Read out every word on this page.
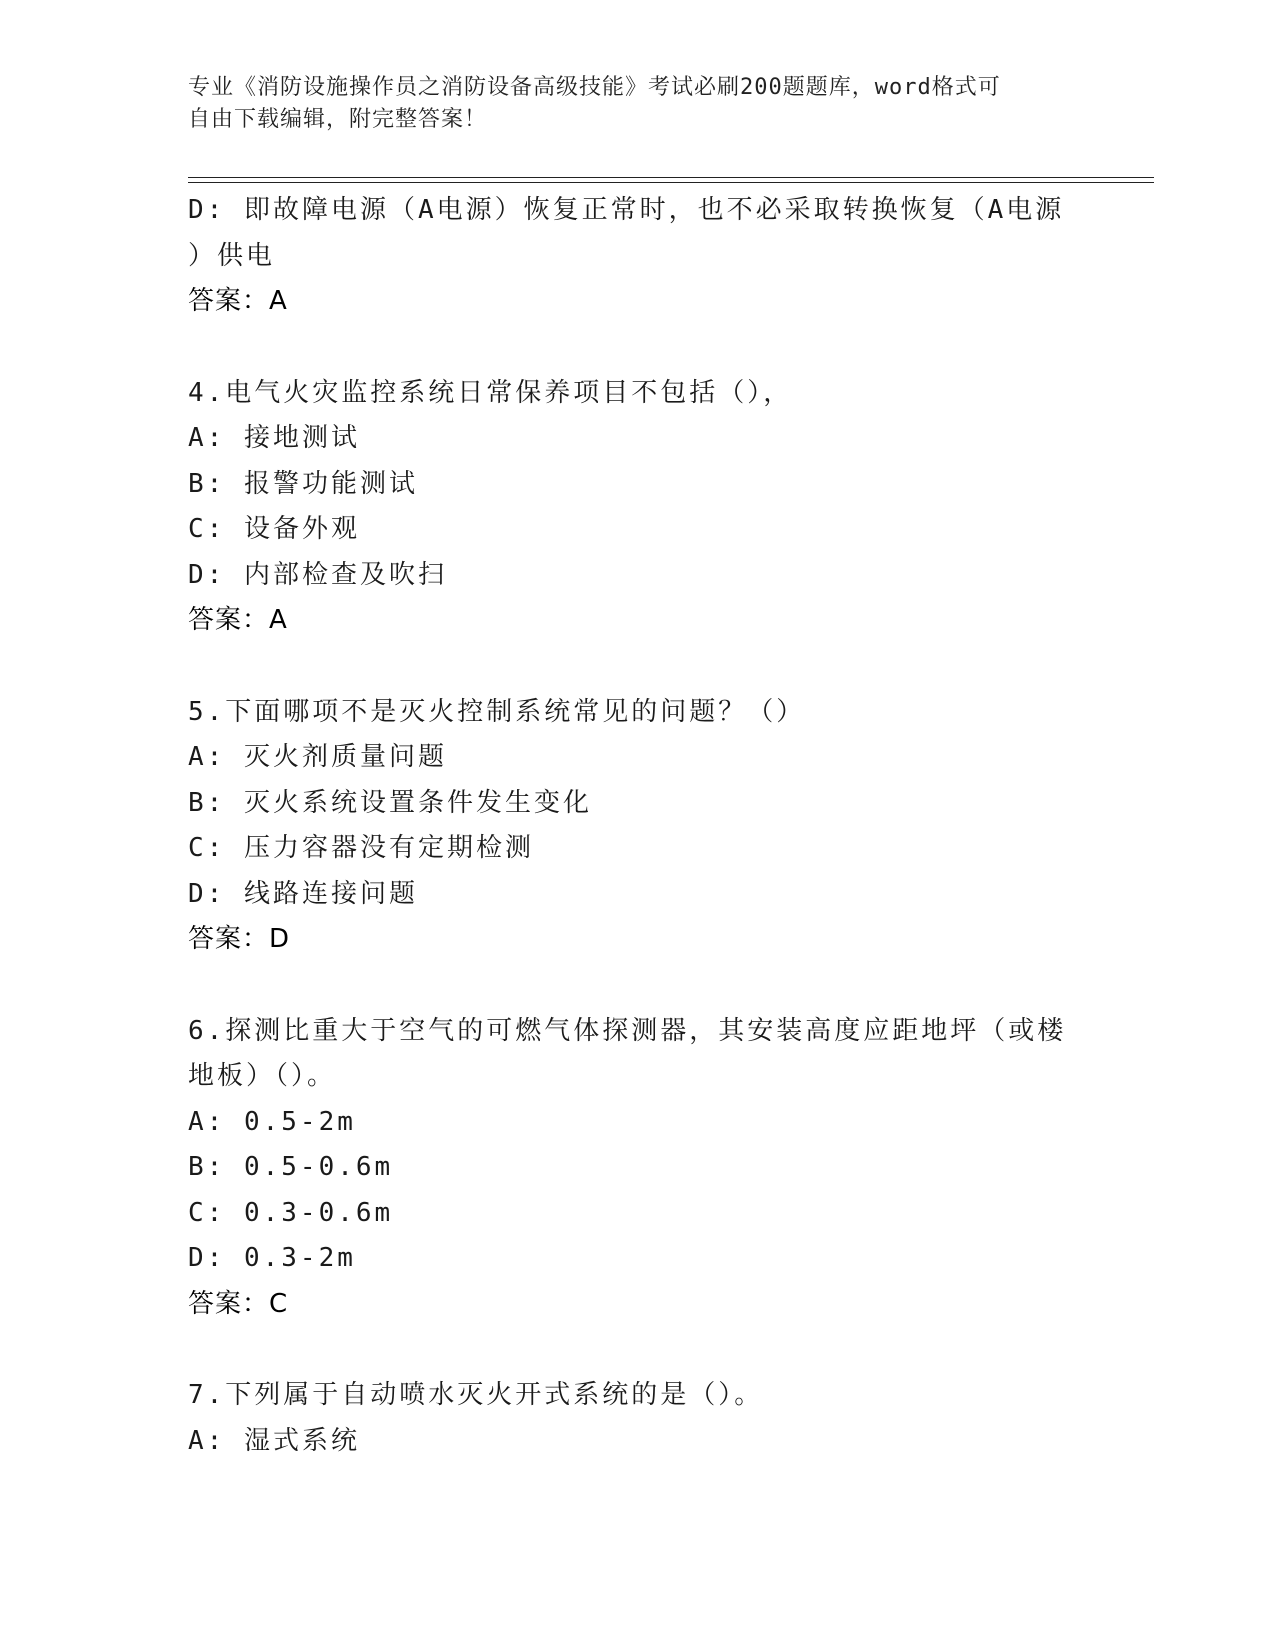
专业《消防设施操作员之消防设备高级技能》考试必刷200题题库，word格式可
自由下载编辑，附完整答案！
D: 即故障电源（A电源）恢复正常时，也不必采取转换恢复（A电源
）供电
答案：A
4.电气火灾监控系统日常保养项目不包括（），
A: 接地测试
B: 报警功能测试
C: 设备外观
D: 内部检查及吹扫
答案：A
5.下面哪项不是灭火控制系统常见的问题？（）
A: 灭火剂质量问题
B: 灭火系统设置条件发生变化
C: 压力容器没有定期检测
D: 线路连接问题
答案：D
6.探测比重大于空气的可燃气体探测器，其安装高度应距地坪（或楼
地板）（）。
A: 0.5-2m
B: 0.5-0.6m
C: 0.3-0.6m
D: 0.3-2m
答案：C
7.下列属于自动喷水灭火开式系统的是（）。
A: 湿式系统
